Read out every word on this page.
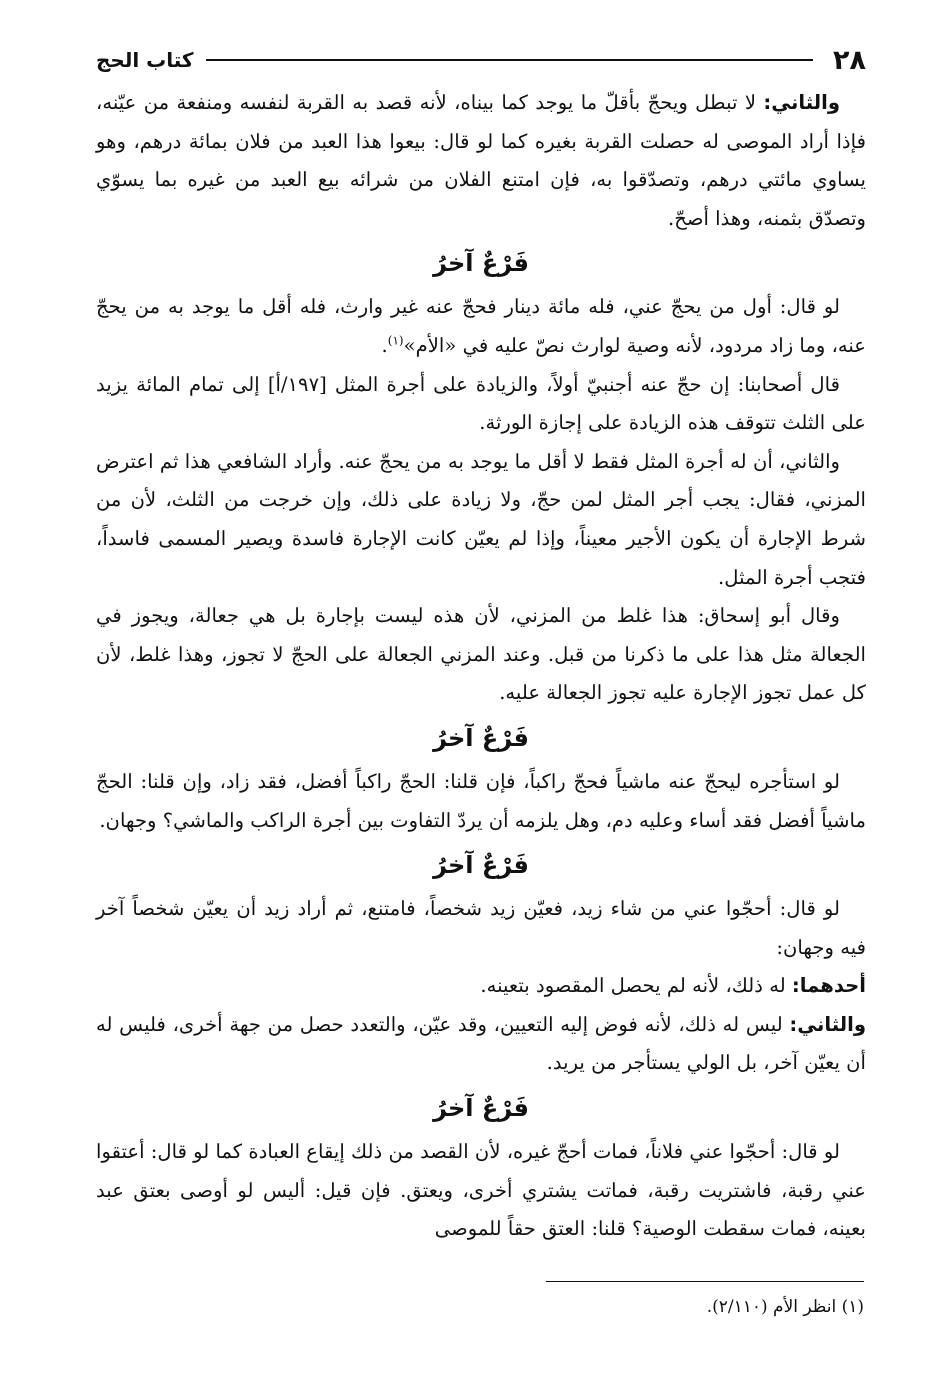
٢٨
كتاب الحج

والثاني: لا تبطل ويحجّ بأقلّ ما يوجد كما بيناه، لأنه قصد به القربة لنفسه ومنفعة من عيّنه، فإذا أراد الموصى له حصلت القربة بغيره كما لو قال: بيعوا هذا العبد من فلان بمائة درهم، وهو يساوي مائتي درهم، وتصدّقوا به، فإن امتنع الفلان من شرائه بيع العبد من غيره بما يسوّي وتصدّق بثمنه، وهذا أصحّ.

فَرْعٌ آخرُ

لو قال: أول من يحجّ عني، فله مائة دينار فحجّ عنه غير وارث، فله أقل ما يوجد به من يحجّ عنه، وما زاد مردود، لأنه وصية لوارث نصّ عليه في «الأم»$^{(١)}$.

قال أصحابنا: إن حجّ عنه أجنبيّ أولاً، والزيادة على أجرة المثل [١٩٧/أ] إلى تمام المائة يزيد على الثلث تتوقف هذه الزيادة على إجازة الورثة.

والثاني، أن له أجرة المثل فقط لا أقل ما يوجد به من يحجّ عنه. وأراد الشافعي هذا ثم اعترض المزني، فقال: يجب أجر المثل لمن حجّ، ولا زيادة على ذلك، وإن خرجت من الثلث، لأن من شرط الإجارة أن يكون الأجير معيناً، وإذا لم يعيّن كانت الإجارة فاسدة ويصير المسمى فاسداً، فتجب أجرة المثل.

وقال أبو إسحاق: هذا غلط من المزني، لأن هذه ليست بإجارة بل هي جعالة، ويجوز في الجعالة مثل هذا على ما ذكرنا من قبل. وعند المزني الجعالة على الحجّ لا تجوز، وهذا غلط، لأن كل عمل تجوز الإجارة عليه تجوز الجعالة عليه.

فَرْعٌ آخرُ

لو استأجره ليحجّ عنه ماشياً فحجّ راكباً، فإن قلنا: الحجّ راكباً أفضل، فقد زاد، وإن قلنا: الحجّ ماشياً أفضل فقد أساء وعليه دم، وهل يلزمه أن يردّ التفاوت بين أجرة الراكب والماشي؟ وجهان.

فَرْعٌ آخرُ

لو قال: أحجّوا عني من شاء زيد، فعيّن زيد شخصاً، فامتنع، ثم أراد زيد أن يعيّن شخصاً آخر فيه وجهان:

أحدهما: له ذلك، لأنه لم يحصل المقصود بتعينه.

والثاني: ليس له ذلك، لأنه فوض إليه التعيين، وقد عيّن، والتعدد حصل من جهة أخرى، فليس له أن يعيّن آخر، بل الولي يستأجر من يريد.

فَرْعٌ آخرُ

لو قال: أحجّوا عني فلاناً، فمات أحجّ غيره، لأن القصد من ذلك إيقاع العبادة كما لو قال: أعتقوا عني رقبة، فاشتريت رقبة، فماتت يشتري أخرى، ويعتق. فإن قيل: أليس لو أوصى بعتق عبد بعينه، فمات سقطت الوصية؟ قلنا: العتق حقاً للموصى

(١) انظر الأم (٢/١١٠).
